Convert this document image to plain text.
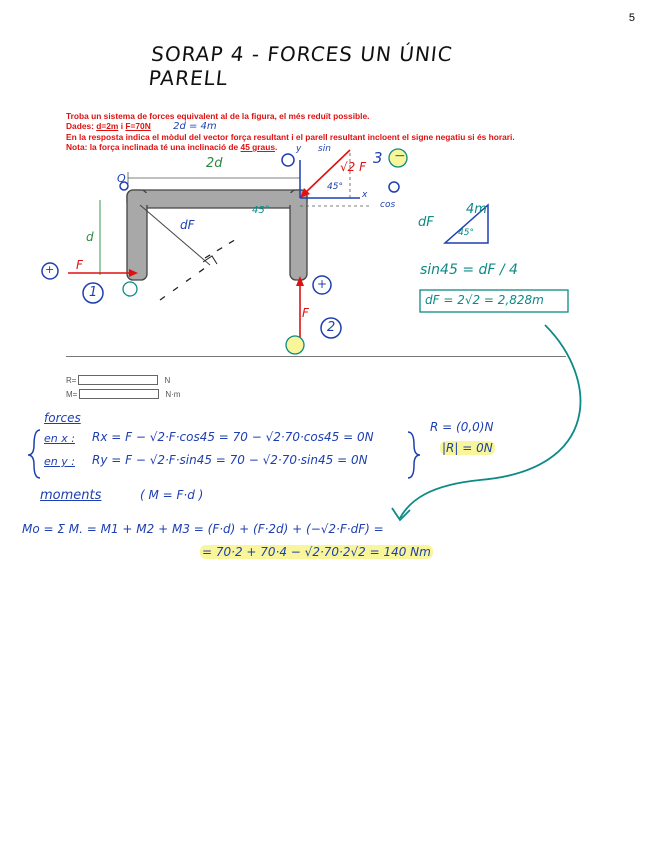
5
SORAP 4 - FORCES UN ÚNIC PARELL
Troba un sistema de forces equivalent al de la figura, el més reduït possible.
Dades: d=2m i F=70N 2d = 4m
En la resposta indica el mòdul del vector força resultant i el parell resultant incloent el signe negatiu si és horari.
Nota: la força inclinada té una inclinació de 45 graus.
2d
d
O
F
F
√2 F
45°
45°
dF
y sin
x
cos
3 −
+
+
1
2
dF
4m
45°
sin45 = dF / 4
dF = 2√2 = 2,828m
R=	N
M=	N·m
forces
en x : Rx = F − √2·F·cos45 = 70 − √2·70·cos45 = 0N
en y : Ry = F − √2·F·sin45 = 70 − √2·70·sin45 = 0N
R = (0,0)N
|R| = 0N
moments	( M = F·d )
Mo = Σ M. = M1 + M2 + M3 = (F·d) + (F·2d) + (−√2·F·dF) =
= 70·2 + 70·4 − √2·70·2√2 = 140 Nm
